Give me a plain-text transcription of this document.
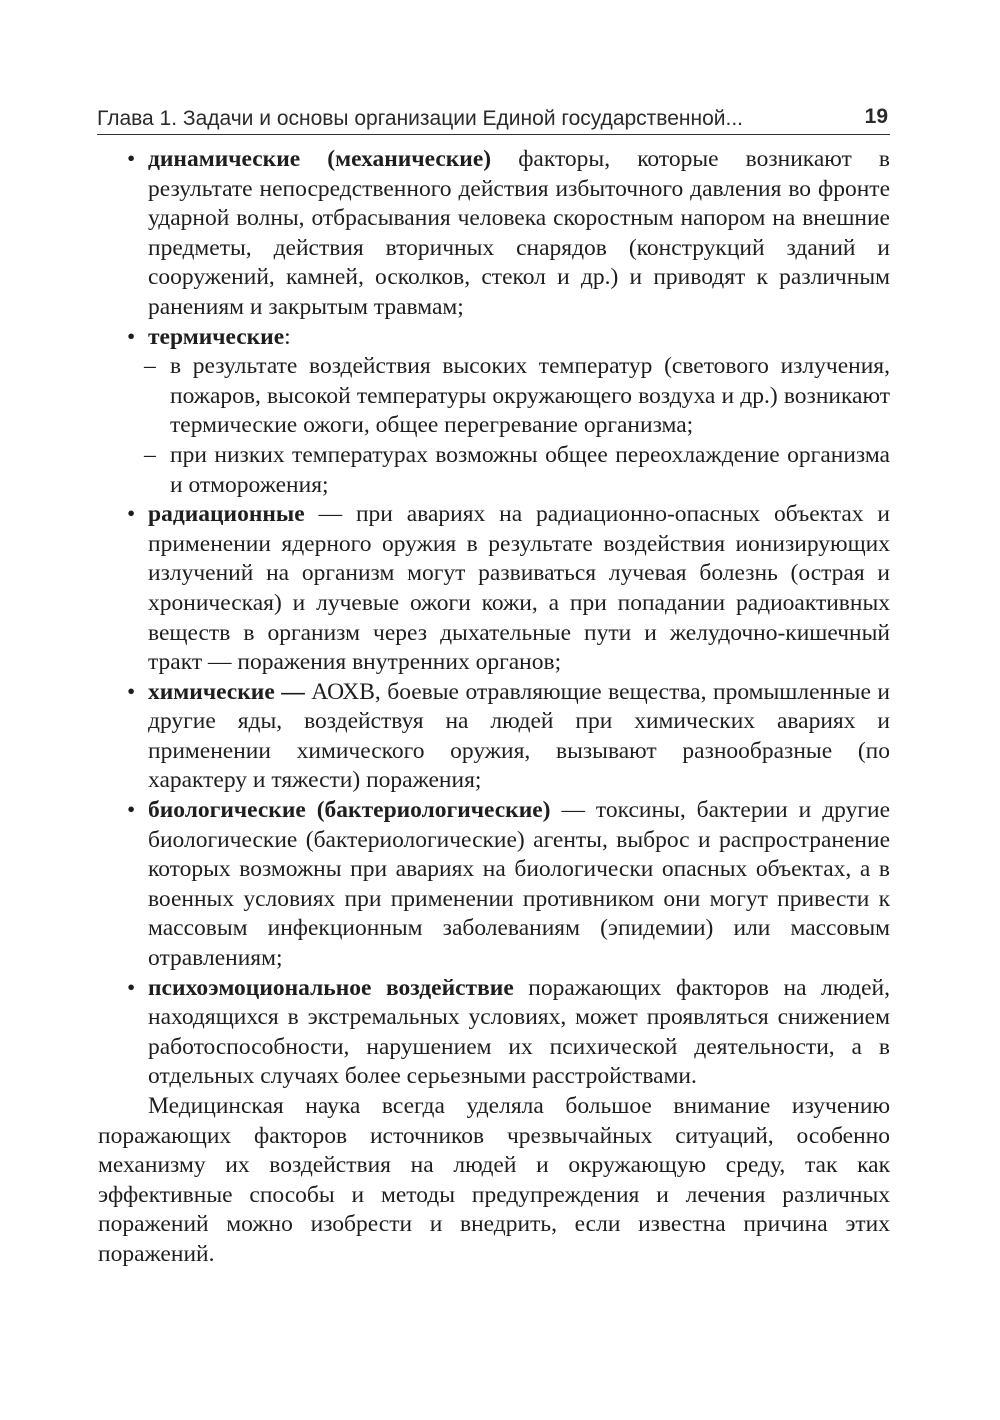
Глава 1. Задачи и основы организации Единой государственной...	19

• динамические (механические) факторы, которые возникают в результате непосредственного действия избыточного давления во фронте ударной волны, отбрасывания человека скоростным напором на внешние предметы, действия вторичных снарядов (конструкций зданий и сооружений, камней, осколков, стекол и др.) и приводят к различным ранениям и закрытым травмам;

• термические:

– в результате воздействия высоких температур (светового излучения, пожаров, высокой температуры окружающего воздуха и др.) возникают термические ожоги, общее перегревание организма;

– при низких температурах возможны общее переохлаждение организма и отморожения;

• радиационные — при авариях на радиационно-опасных объектах и применении ядерного оружия в результате воздействия ионизирующих излучений на организм могут развиваться лучевая болезнь (острая и хроническая) и лучевые ожоги кожи, а при попадании радиоактивных веществ в организм через дыхательные пути и желудочно-кишечный тракт — поражения внутренних органов;

• химические — АОХВ, боевые отравляющие вещества, промышленные и другие яды, воздействуя на людей при химических авариях и применении химического оружия, вызывают разнообразные (по характеру и тяжести) поражения;

• биологические (бактериологические) — токсины, бактерии и другие биологические (бактериологические) агенты, выброс и распространение которых возможны при авариях на биологически опасных объектах, а в военных условиях при применении противником они могут привести к массовым инфекционным заболеваниям (эпидемии) или массовым отравлениям;

• психоэмоциональное воздействие поражающих факторов на людей, находящихся в экстремальных условиях, может проявляться снижением работоспособности, нарушением их психической деятельности, а в отдельных случаях более серьезными расстройствами.

Медицинская наука всегда уделяла большое внимание изучению поражающих факторов источников чрезвычайных ситуаций, особенно механизму их воздействия на людей и окружающую среду, так как эффективные способы и методы предупреждения и лечения различных поражений можно изобрести и внедрить, если известна причина этих поражений.
